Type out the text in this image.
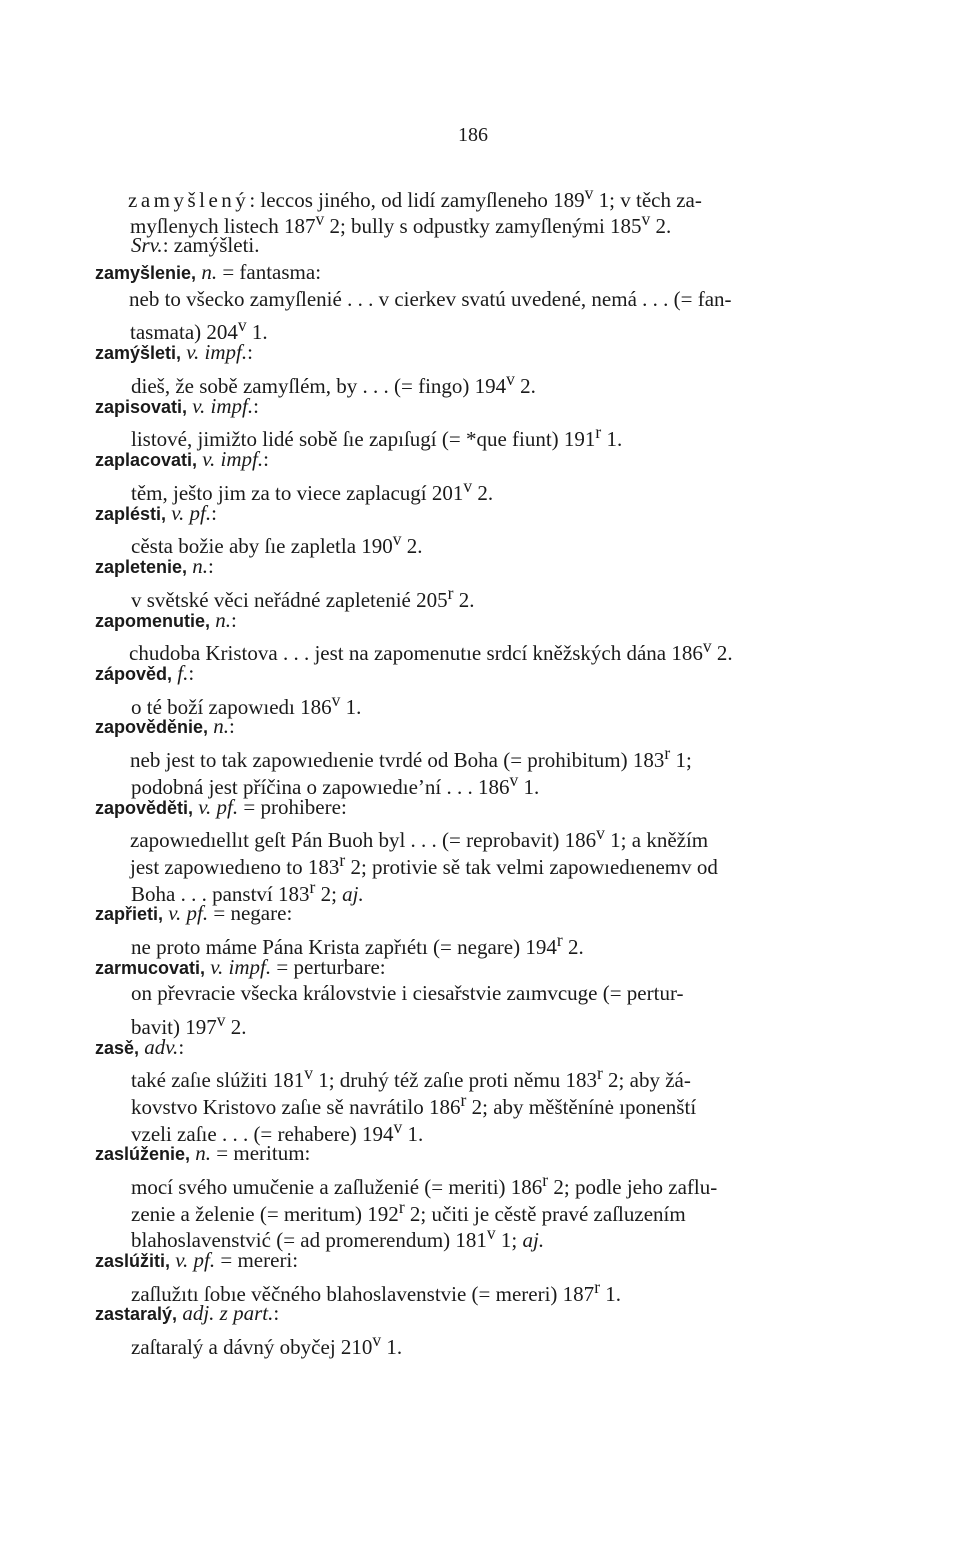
186
zamyšlený: leccos jiného, od lidí zamyſleneho 189$^v$ 1; v těch za-
myſlenych listech 187$^v$ 2; bully s odpustky zamyſlenými 185$^v$ 2.
Srv.: zamýšleti.
zamyšlenie, n. = fantasma:
neb to všecko zamyſlenié . . . v cierkev svatú uvedené, nemá . . . (= fan-
tasmata) 204$^v$ 1.
zamýšleti, v. impf.:
dieš, že sobě zamyſlém, by . . . (= fingo) 194$^v$ 2.
zapisovati, v. impf.:
listové, jimižto lidé sobě ſıe zapıſugí (= *que fiunt) 191$^r$ 1.
zaplacovati, v. impf.:
těm, ješto jim za to viece zaplacugí 201$^v$ 2.
zaplésti, v. pf.:
cěsta božie aby ſıe zapletla 190$^v$ 2.
zapletenie, n.:
v světské věci neřádné zapletenié 205$^r$ 2.
zapomenutie, n.:
chudoba Kristova . . . jest na zapomenutıe srdcí kněžských dána 186$^v$ 2.
zápověd, f.:
o té boží zapowıedı 186$^v$ 1.
zapověděnie, n.:
neb jest to tak zapowıedıenie tvrdé od Boha (= prohibitum) 183$^r$ 1;
podobná jest příčina o zapowıedıeʼní . . . 186$^v$ 1.
zapověděti, v. pf. = prohibere:
zapowıedıellıt geſt Pán Buoh byl . . . (= reprobavit) 186$^v$ 1; a kněžím
jest zapowıedıeno to 183$^r$ 2; protivie sě tak velmi zapowıedıenemv od
Boha . . . panství 183$^r$ 2; aj.
zapřieti, v. pf. = negare:
ne proto máme Pána Krista zapřıétı (= negare) 194$^r$ 2.
zarmucovati, v. impf. = perturbare:
on převracie všecka královstvie i ciesařstvie zaımvcuge (= pertur-
bavit) 197$^v$ 2.
zasě, adv.:
také zaſıe slúžiti 181$^v$ 1; druhý též zaſıe proti němu 183$^r$ 2; aby žá-
kovstvo Kristovo zaſıe sě navrátilo 186$^r$ 2; aby měštěnínė ıponenští
vzeli zaſıe . . . (= rehabere) 194$^v$ 1.
zaslúženie, n. = meritum:
mocí svého umučenie a zaſluženié (= meriti) 186$^r$ 2; podle jeho zaflu-
zenie a želenie (= meritum) 192$^r$ 2; učiti je cěstě pravé zaſluzením
blahoslavenstvić (= ad promerendum) 181$^v$ 1; aj.
zaslúžiti, v. pf. = mereri:
zaſlužıtı ſobıe věčného blahoslavenstvie (= mereri) 187$^r$ 1.
zastaralý, adj. z part.:
zaſtaralý a dávný obyčej 210$^v$ 1.
